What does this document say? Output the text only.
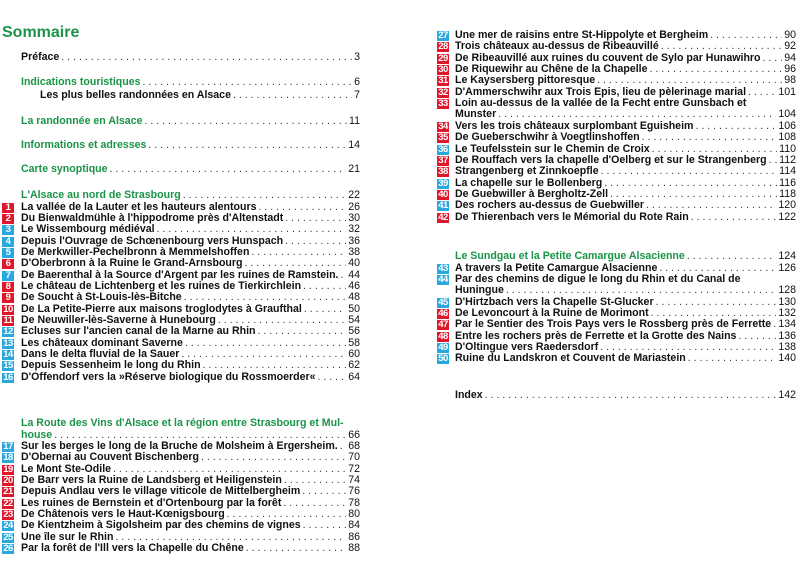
Sommaire
Préface . . .	3
Indications touristiques . . .	6
Les plus belles randonnées en Alsace . . .	7
La randonnée en Alsace . . .	11
Informations et adresses . . .	14
Carte synoptique . . .	21
L'Alsace au nord de Strasbourg . . .	22
1	La vallée de la Lauter et les hauteurs alentours . . .	26
2	Du Bienwaldmühle à l'hippodrome près d'Altenstadt . . .	30
3	Le Wissembourg médiéval . . .	32
4	Depuis l'Ouvrage de Schœnenbourg vers Hunspach . . .	36
5	De Merkwiller-Pechelbronn à Memmelshoffen . . .	38
6	D'Oberbronn à la Ruine le Grand-Arnsbourg . . .	40
7	De Baerenthal à la Source d'Argent par les ruines de Ramstein. . . . 44
8	Le château de Lichtenberg et les ruines de Tierkirchlein . . .	46
9	De Soucht à St-Louis-lès-Bitche . . .	48
10 De La Petite-Pierre aux maisons troglodytes à Graufthal . . .	50
11 De Neuwiller-lès-Saverne à Hunebourg . . .	54
12 Ecluses sur l'ancien canal de la Marne au Rhin . . .	56
13 Les châteaux dominant Saverne . . .	58
14 Dans le delta fluvial de la Sauer . . .	60
15 Depuis Sessenheim le long du Rhin . . .	62
16 D'Offendorf vers la »Réserve biologique du Rossmoerder« . . .	64
La Route des Vins d'Alsace et la région entre Strasbourg et Mul-
house . . .	66
17 Sur les berges le long de la Bruche de Molsheim à Ergersheim. . . . 68
18 D'Obernai au Couvent Bischenberg . . .	70
19 Le Mont Ste-Odile . . .	72
20 De Barr vers la Ruine de Landsberg et Heiligenstein . . .	74
21 Depuis Andlau vers le village viticole de Mittelbergheim . . .	76
22 Les ruines de Bernstein et d'Ortenbourg par la forêt . . .	78
23 De Châtenois vers le Haut-Kœnigsbourg . . .	80
24 De Kientzheim à Sigolsheim par des chemins de vignes . . .	84
25 Une île sur le Rhin . . .	86
26 Par la forêt de l'Ill vers la Chapelle du Chêne . . .	88
27 Une mer de raisins entre St-Hippolyte et Bergheim . . .	90
28 Trois châteaux au-dessus de Ribeauvillé . . .	92
29 De Ribeauvillé aux ruines du couvent de Sylo par Hunawihro . . . 94
30 De Riquewihr au Chêne de la Chapelle . . .	96
31 Le Kaysersberg pittoresque . . .	98
32 D'Ammerschwihr aux Trois Epis, lieu de pèlerinage marial . . .	101
33 Loin au-dessus de la vallée de la Fecht entre Gunsbach et
Munster . . .	104
34 Vers les trois châteaux surplombant Eguisheim . . .	106
35 De Gueberschwihr à Voegtlinshoffen . . .	108
36 Le Teufelsstein sur le Chemin de Croix . . .	110
37 De Rouffach vers la chapelle d'Oelberg et sur le Strangenberg . . . 112
38 Strangenberg et Zinnkoepfle . . .	114
39 La chapelle sur le Bollenberg . . .	116
40 De Guebwiller à Bergholtz-Zell . . .	118
41 Des rochers au-dessus de Guebwiller . . .	120
42 De Thierenbach vers le Mémorial du Rote Rain . . .	122
Le Sundgau et la Petite Camargue Alsacienne . . .	124
43 A travers la Petite Camargue Alsacienne . . .	126
44 Par des chemins de digue le long du Rhin et du Canal de
Huningue . . .	128
45 D'Hirtzbach vers la Chapelle St-Glucker . . .	130
46 De Levoncourt à la Ruine de Morimont . . .	132
47 Par le Sentier des Trois Pays vers le Rossberg près de Ferrette . . . 134
48 Entre les rochers près de Ferrette et la Grotte des Nains . . .	136
49 D'Oltingue vers Raedersdorf . . .	138
50 Ruine du Landskron et Couvent de Mariastein . . .	140
Index . . .	142
